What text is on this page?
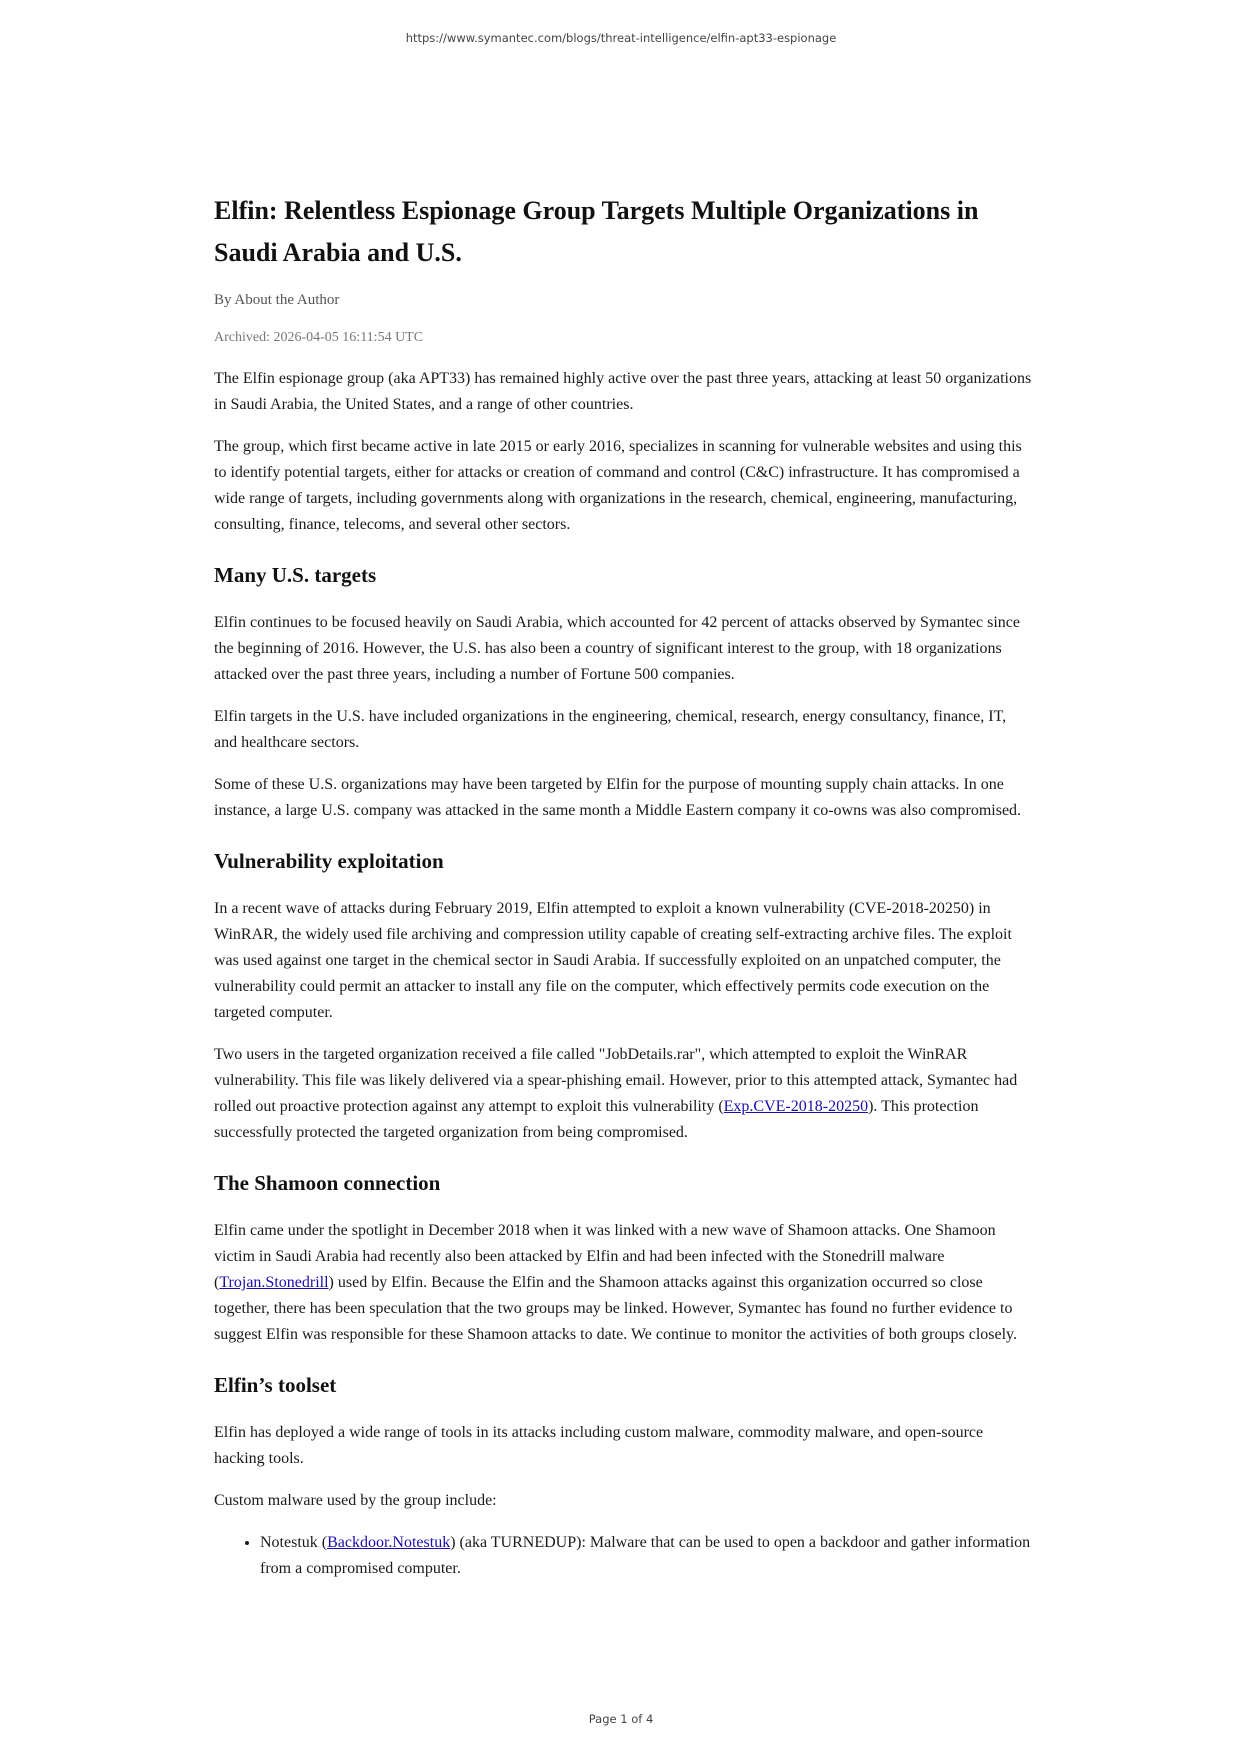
https://www.symantec.com/blogs/threat-intelligence/elfin-apt33-espionage
Elfin: Relentless Espionage Group Targets Multiple Organizations in Saudi Arabia and U.S.
By About the Author
Archived: 2026-04-05 16:11:54 UTC

The Elfin espionage group (aka APT33) has remained highly active over the past three years, attacking at least 50 organizations in Saudi Arabia, the United States, and a range of other countries.

The group, which first became active in late 2015 or early 2016, specializes in scanning for vulnerable websites and using this to identify potential targets, either for attacks or creation of command and control (C&C) infrastructure. It has compromised a wide range of targets, including governments along with organizations in the research, chemical, engineering, manufacturing, consulting, finance, telecoms, and several other sectors.

Many U.S. targets

Elfin continues to be focused heavily on Saudi Arabia, which accounted for 42 percent of attacks observed by Symantec since the beginning of 2016. However, the U.S. has also been a country of significant interest to the group, with 18 organizations attacked over the past three years, including a number of Fortune 500 companies.

Elfin targets in the U.S. have included organizations in the engineering, chemical, research, energy consultancy, finance, IT, and healthcare sectors.

Some of these U.S. organizations may have been targeted by Elfin for the purpose of mounting supply chain attacks. In one instance, a large U.S. company was attacked in the same month a Middle Eastern company it co-owns was also compromised.

Vulnerability exploitation

In a recent wave of attacks during February 2019, Elfin attempted to exploit a known vulnerability (CVE-2018-20250) in WinRAR, the widely used file archiving and compression utility capable of creating self-extracting archive files. The exploit was used against one target in the chemical sector in Saudi Arabia. If successfully exploited on an unpatched computer, the vulnerability could permit an attacker to install any file on the computer, which effectively permits code execution on the targeted computer.

Two users in the targeted organization received a file called "JobDetails.rar", which attempted to exploit the WinRAR vulnerability. This file was likely delivered via a spear-phishing email. However, prior to this attempted attack, Symantec had rolled out proactive protection against any attempt to exploit this vulnerability (Exp.CVE-2018-20250). This protection successfully protected the targeted organization from being compromised.

The Shamoon connection

Elfin came under the spotlight in December 2018 when it was linked with a new wave of Shamoon attacks. One Shamoon victim in Saudi Arabia had recently also been attacked by Elfin and had been infected with the Stonedrill malware (Trojan.Stonedrill) used by Elfin. Because the Elfin and the Shamoon attacks against this organization occurred so close together, there has been speculation that the two groups may be linked. However, Symantec has found no further evidence to suggest Elfin was responsible for these Shamoon attacks to date. We continue to monitor the activities of both groups closely.

Elfin’s toolset

Elfin has deployed a wide range of tools in its attacks including custom malware, commodity malware, and open-source hacking tools.

Custom malware used by the group include:

• Notestuk (Backdoor.Notestuk) (aka TURNEDUP): Malware that can be used to open a backdoor and gather information from a compromised computer.
Page 1 of 4
